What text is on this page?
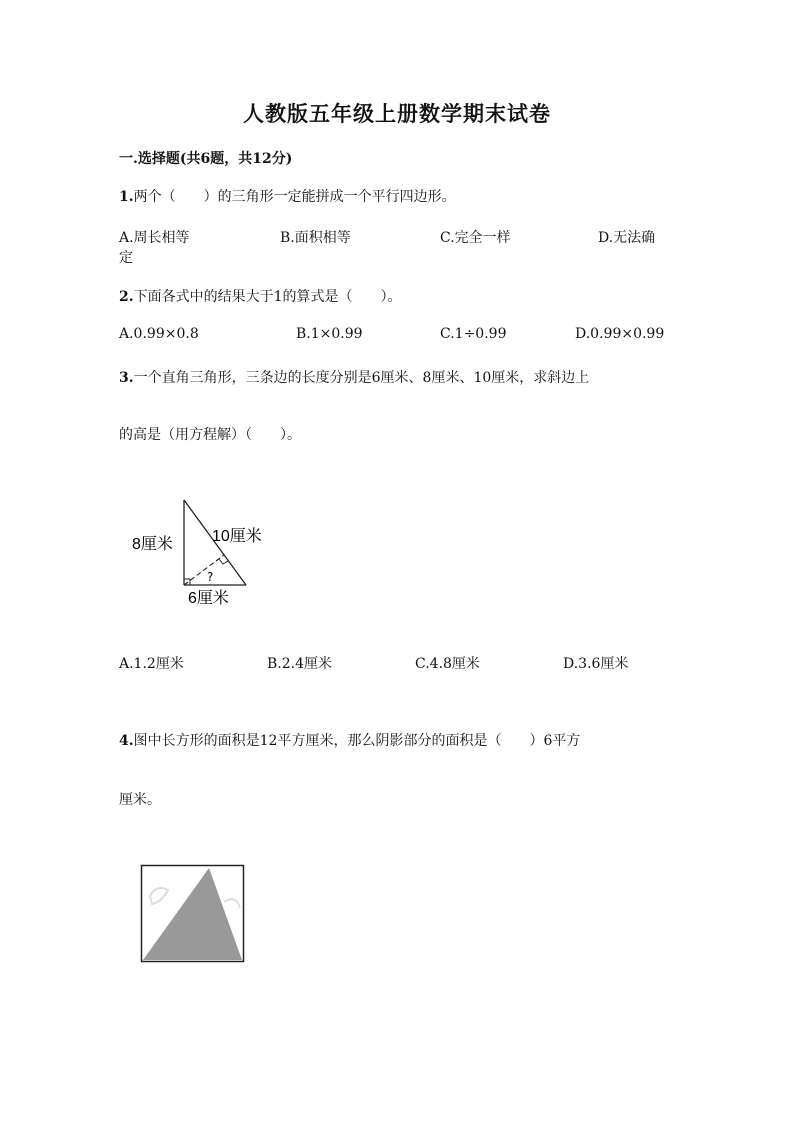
人教版五年级上册数学期末试卷
一.选择题(共6题，共12分)
1.两个（　　）的三角形一定能拼成一个平行四边形。
A.周长相等	B.面积相等	C.完全一样	D.无法确
定
2.下面各式中的结果大于1的算式是（　　）。
A.0.99×0.8	B.1×0.99	C.1÷0.99	D.0.99×0.99
3.一个直角三角形，三条边的长度分别是6厘米、8厘米、10厘米，求斜边上
的高是（用方程解）（　　）。
8厘米 10厘米
6厘米
?
A.1.2厘米	B.2.4厘米	C.4.8厘米	D.3.6厘米
4.图中长方形的面积是12平方厘米，那么阴影部分的面积是（　　）6平方
厘米。
